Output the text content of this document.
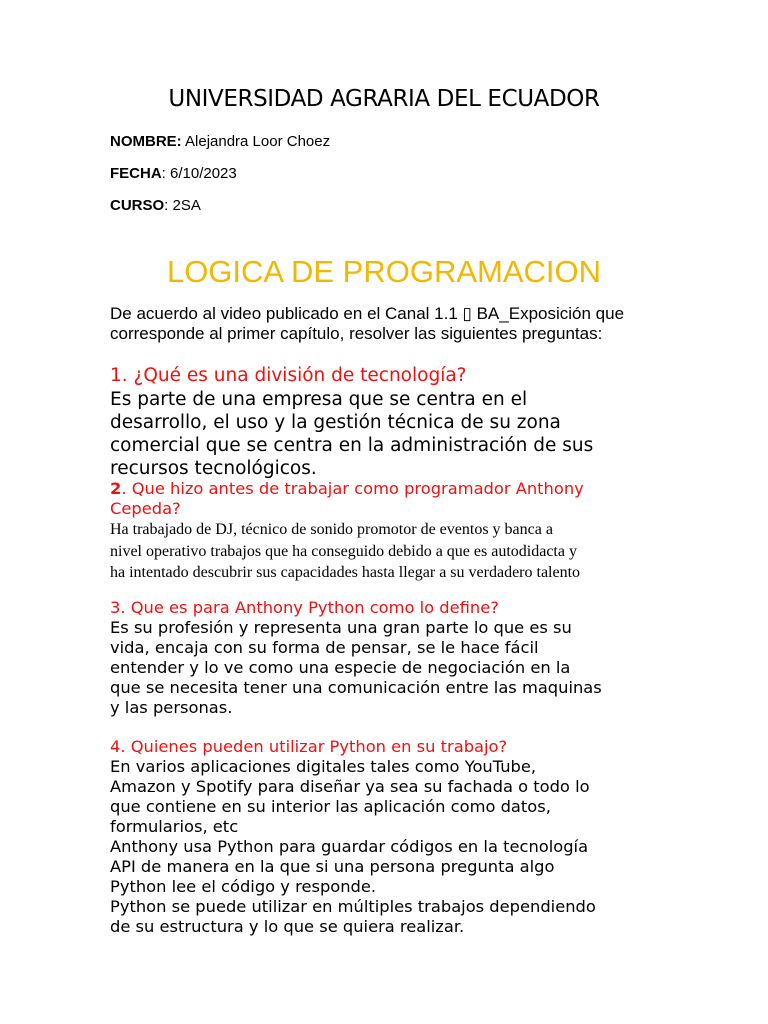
UNIVERSIDAD AGRARIA DEL ECUADOR
NOMBRE: Alejandra Loor Choez
FECHA: 6/10/2023
CURSO: 2SA
LOGICA DE PROGRAMACION

De acuerdo al video publicado en el Canal 1.1 ▯ BA_Exposición que

corresponde al primer capítulo, resolver las siguientes preguntas:

1. ¿Qué es una división de tecnología?

Es parte de una empresa que se centra en el

desarrollo, el uso y la gestión técnica de su zona

comercial que se centra en la administración de sus

recursos tecnológicos.

2. Que hizo antes de trabajar como programador Anthony

Cepeda?

Ha trabajado de DJ, técnico de sonido promotor de eventos y banca a

nivel operativo trabajos que ha conseguido debido a que es autodidacta y

ha intentado descubrir sus capacidades hasta llegar a su verdadero talento

3. Que es para Anthony Python como lo define?

Es su profesión y representa una gran parte lo que es su

vida, encaja con su forma de pensar, se le hace fácil

entender y lo ve como una especie de negociación en la

que se necesita tener una comunicación entre las maquinas

y las personas.

4. Quienes pueden utilizar Python en su trabajo?

En varios aplicaciones digitales tales como YouTube,

Amazon y Spotify para diseñar ya sea su fachada o todo lo

que contiene en su interior las aplicación como datos,

formularios, etc

Anthony usa Python para guardar códigos en la tecnología

API de manera en la que si una persona pregunta algo

Python lee el código y responde.

Python se puede utilizar en múltiples trabajos dependiendo

de su estructura y lo que se quiera realizar.
